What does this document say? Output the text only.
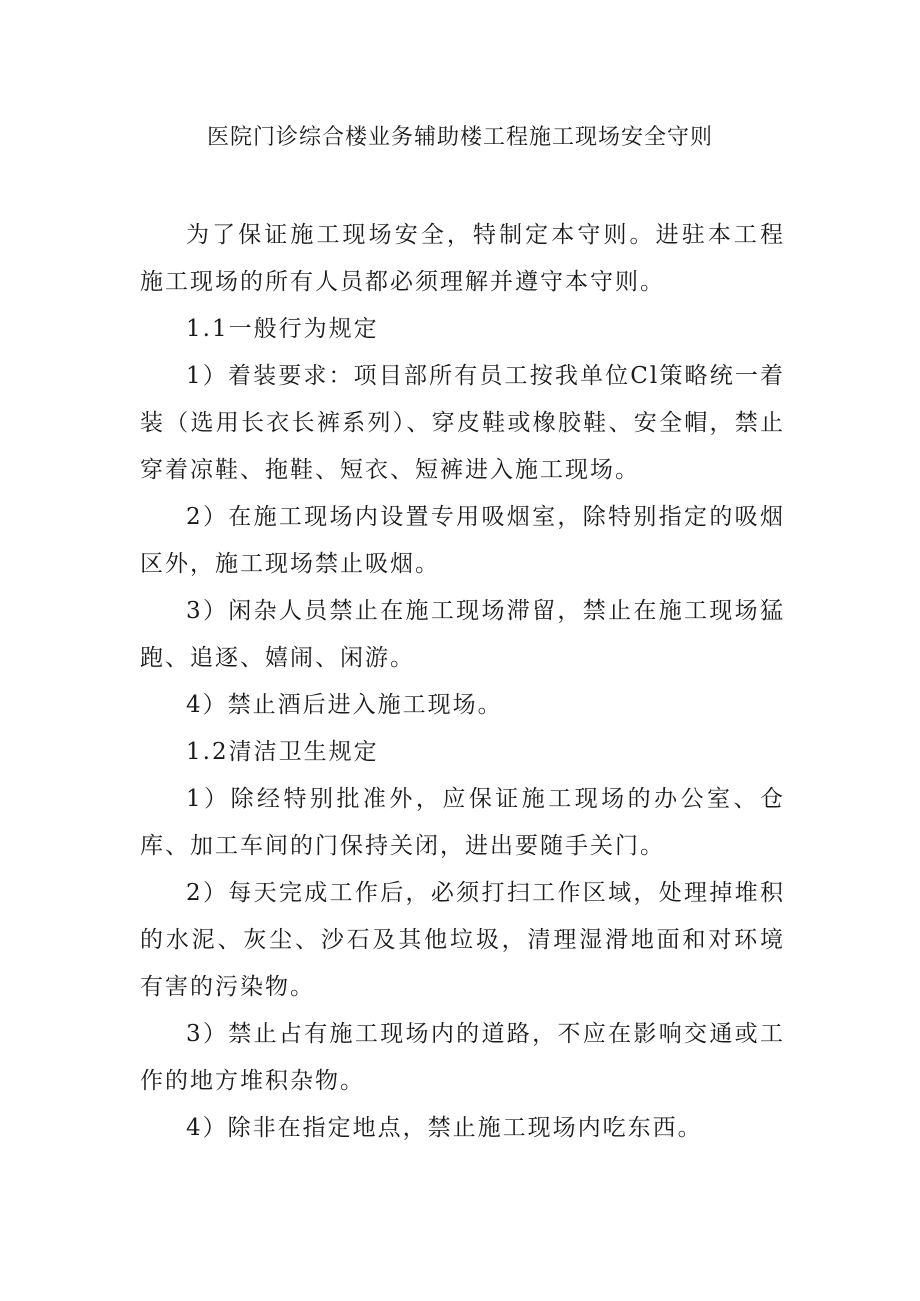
医院门诊综合楼业务辅助楼工程施工现场安全守则

为了保证施工现场安全，特制定本守则。进驻本工程施工现场的所有人员都必须理解并遵守本守则。

1.1一般行为规定

1）着装要求：项目部所有员工按我单位Cl策略统一着装（选用长衣长裤系列）、穿皮鞋或橡胶鞋、安全帽，禁止穿着凉鞋、拖鞋、短衣、短裤进入施工现场。

2）在施工现场内设置专用吸烟室，除特别指定的吸烟区外，施工现场禁止吸烟。

3）闲杂人员禁止在施工现场滞留，禁止在施工现场猛跑、追逐、嬉闹、闲游。

4）禁止酒后进入施工现场。

1.2清洁卫生规定

1）除经特别批准外，应保证施工现场的办公室、仓库、加工车间的门保持关闭，进出要随手关门。

2）每天完成工作后，必须打扫工作区域，处理掉堆积的水泥、灰尘、沙石及其他垃圾，清理湿滑地面和对环境有害的污染物。

3）禁止占有施工现场内的道路，不应在影响交通或工作的地方堆积杂物。

4）除非在指定地点，禁止施工现场内吃东西。
